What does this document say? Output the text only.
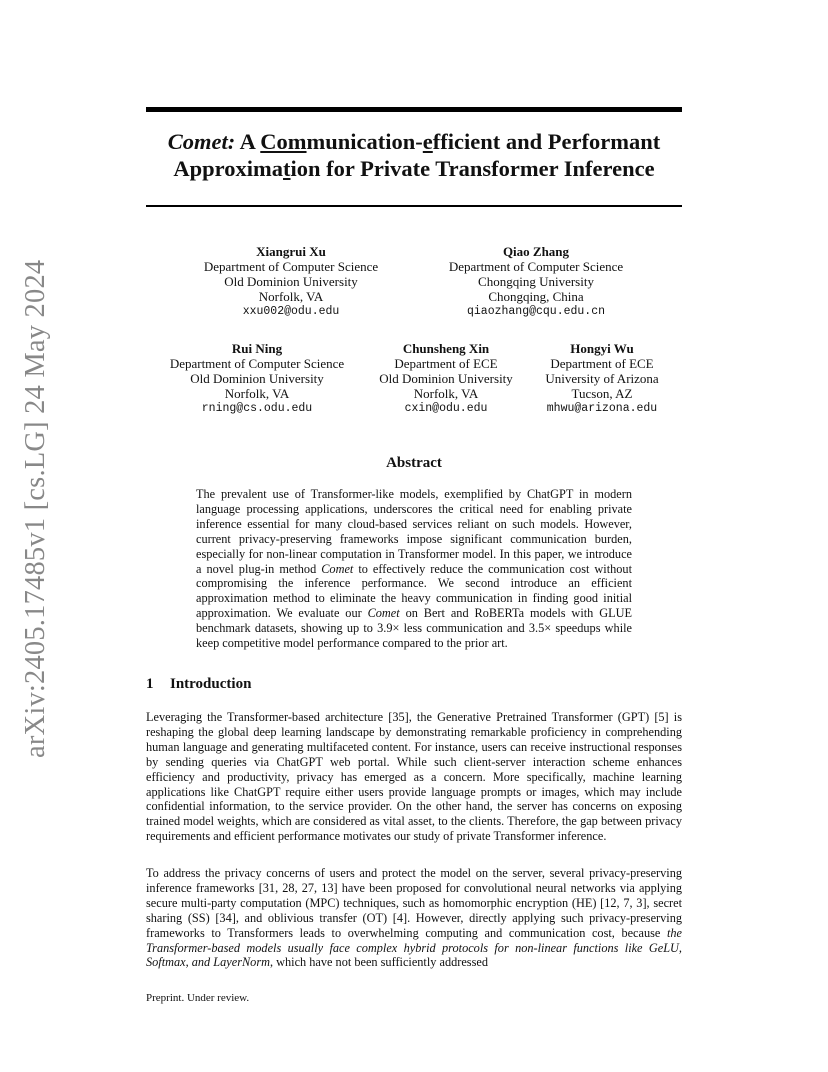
arXiv:2405.17485v1 [cs.LG] 24 May 2024
Comet: A Communication-efficient and Performant
Approximation for Private Transformer Inference
Xiangrui Xu
Department of Computer Science
Old Dominion University
Norfolk, VA
xxu002@odu.edu
Qiao Zhang
Department of Computer Science
Chongqing University
Chongqing, China
qiaozhang@cqu.edu.cn
Rui Ning
Department of Computer Science
Old Dominion University
Norfolk, VA
rning@cs.odu.edu
Chunsheng Xin
Department of ECE
Old Dominion University
Norfolk, VA
cxin@odu.edu
Hongyi Wu
Department of ECE
University of Arizona
Tucson, AZ
mhwu@arizona.edu
Abstract
The prevalent use of Transformer-like models, exemplified by ChatGPT in modern language processing applications, underscores the critical need for enabling private inference essential for many cloud-based services reliant on such models. However, current privacy-preserving frameworks impose significant communication burden, especially for non-linear computation in Transformer model. In this paper, we introduce a novel plug-in method Comet to effectively reduce the communication cost without compromising the inference performance. We second introduce an efficient approximation method to eliminate the heavy communication in finding good initial approximation. We evaluate our Comet on Bert and RoBERTa models with GLUE benchmark datasets, showing up to 3.9× less communication and 3.5× speedups while keep competitive model performance compared to the prior art.
1 Introduction
Leveraging the Transformer-based architecture [35], the Generative Pretrained Transformer (GPT) [5] is reshaping the global deep learning landscape by demonstrating remarkable proficiency in comprehending human language and generating multifaceted content. For instance, users can receive instructional responses by sending queries via ChatGPT web portal. While such client-server interaction scheme enhances efficiency and productivity, privacy has emerged as a concern. More specifically, machine learning applications like ChatGPT require either users provide language prompts or images, which may include confidential information, to the service provider. On the other hand, the server has concerns on exposing trained model weights, which are considered as vital asset, to the clients. Therefore, the gap between privacy requirements and efficient performance motivates our study of private Transformer inference.
To address the privacy concerns of users and protect the model on the server, several privacy-preserving inference frameworks [31, 28, 27, 13] have been proposed for convolutional neural networks via applying secure multi-party computation (MPC) techniques, such as homomorphic encryption (HE) [12, 7, 3], secret sharing (SS) [34], and oblivious transfer (OT) [4]. However, directly applying such privacy-preserving frameworks to Transformers leads to overwhelming computing and communication cost, because the Transformer-based models usually face complex hybrid protocols for non-linear functions like GeLU, Softmax, and LayerNorm, which have not been sufficiently addressed
Preprint. Under review.
